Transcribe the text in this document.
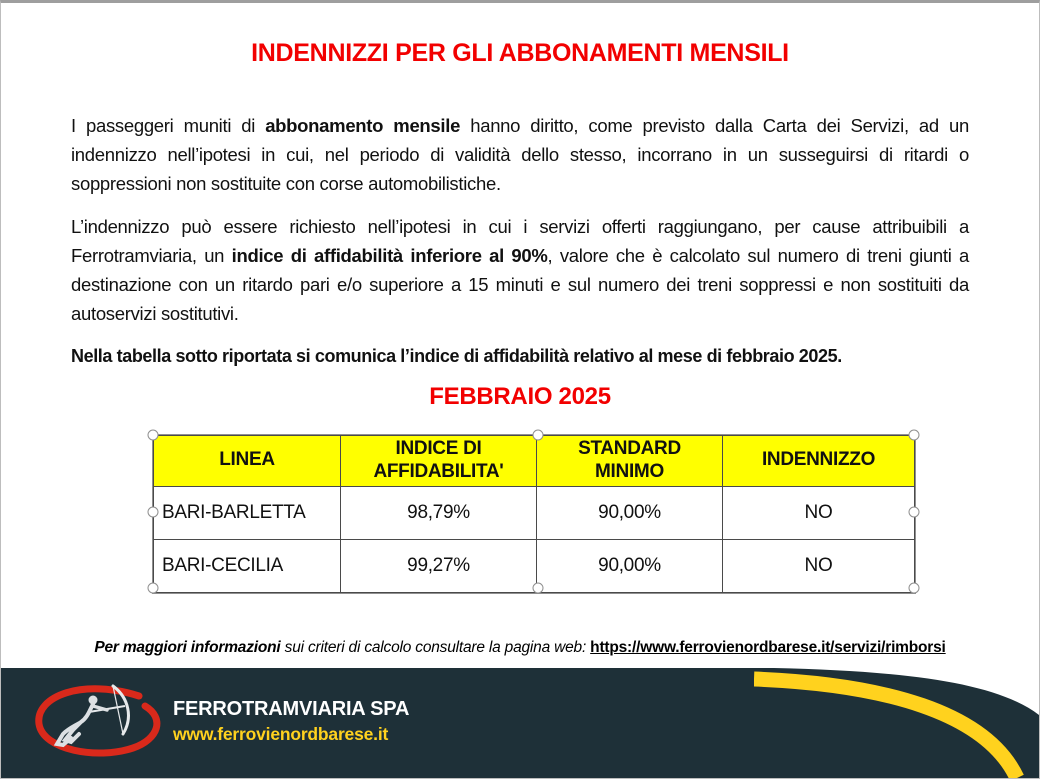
INDENNIZZI PER GLI ABBONAMENTI MENSILI

I passeggeri muniti di abbonamento mensile hanno diritto, come previsto dalla Carta dei Servizi, ad un indennizzo nell’ipotesi in cui, nel periodo di validità dello stesso, incorrano in un susseguirsi di ritardi o soppressioni non sostituite con corse automobilistiche.

L’indennizzo può essere richiesto nell’ipotesi in cui i servizi offerti raggiungano, per cause attribuibili a Ferrotramviaria, un indice di affidabilità inferiore al 90%, valore che è calcolato sul numero di treni giunti a destinazione con un ritardo pari e/o superiore a 15 minuti e sul numero dei treni soppressi e non sostituiti da autoservizi sostitutivi.

Nella tabella sotto riportata si comunica l’indice di affidabilità relativo al mese di febbraio 2025.

FEBBRAIO 2025
LINEA	INDICE DI AFFIDABILITA'	STANDARD MINIMO	INDENNIZZO
BARI-BARLETTA	98,79%	90,00%	NO
BARI-CECILIA	99,27%	90,00%	NO

Per maggiori informazioni sui criteri di calcolo consultare la pagina web: https://www.ferrovienordbarese.it/servizi/rimborsi

FERROTRAMVIARIA SPA
www.ferrovienordbarese.it
